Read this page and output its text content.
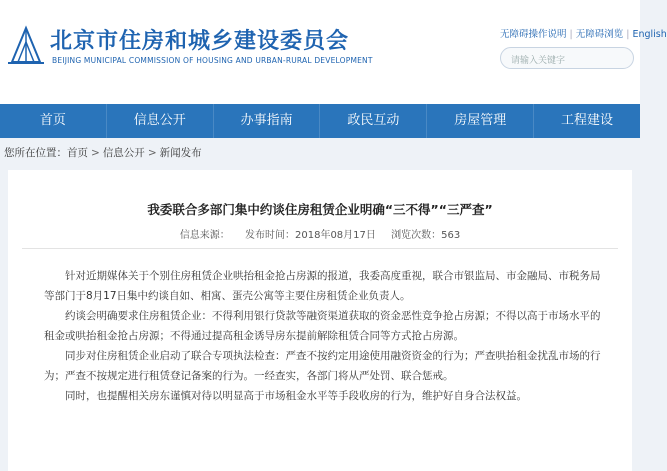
北京市住房和城乡建设委员会
BEIJING MUNICIPAL COMMISSION OF HOUSING AND URBAN-RURAL DEVELOPMENT
无障碍操作说明 | 无障碍浏览 | English
请输入关键字
首页	信息公开	办事指南	政民互动	房屋管理	工程建设
您所在位置：首页 > 信息公开 > 新闻发布
我委联合多部门集中约谈住房租赁企业明确“三不得”“三严查”
信息来源： 发布时间：2018年08月17日 浏览次数：563

针对近期媒体关于个别住房租赁企业哄抬租金抢占房源的报道，我委高度重视，联合市银监局、市金融局、市税务局等部门于8月17日集中约谈自如、相寓、蛋壳公寓等主要住房租赁企业负责人。

约谈会明确要求住房租赁企业：不得利用银行贷款等融资渠道获取的资金恶性竞争抢占房源；不得以高于市场水平的租金或哄抬租金抢占房源；不得通过提高租金诱导房东提前解除租赁合同等方式抢占房源。

同步对住房租赁企业启动了联合专项执法检查：严查不按约定用途使用融资资金的行为；严查哄抬租金扰乱市场的行为；严查不按规定进行租赁登记备案的行为。一经查实，各部门将从严处罚、联合惩戒。

同时，也提醒相关房东谨慎对待以明显高于市场租金水平等手段收房的行为，维护好自身合法权益。
